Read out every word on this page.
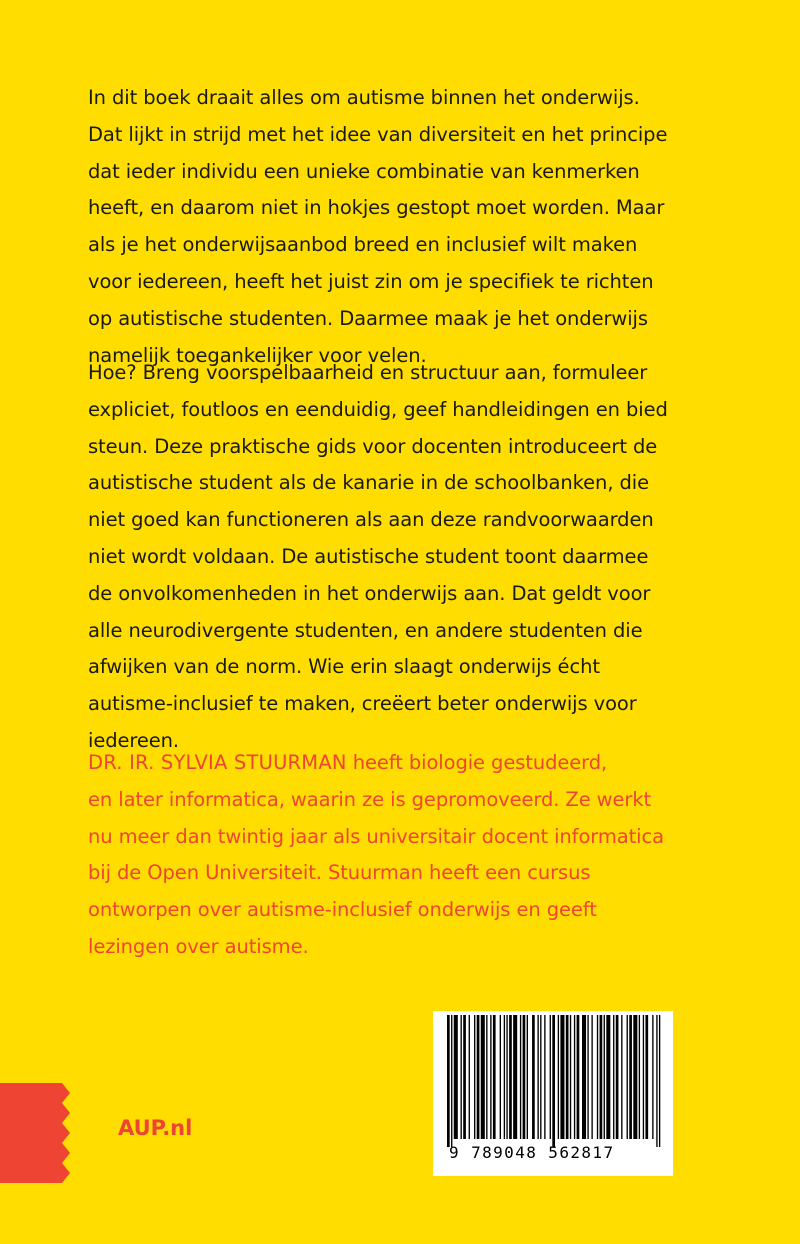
In dit boek draait alles om autisme binnen het onderwijs.
Dat lijkt in strijd met het idee van diversiteit en het principe
dat ieder individu een unieke combinatie van kenmerken
heeft, en daarom niet in hokjes gestopt moet worden. Maar
als je het onderwijsaanbod breed en inclusief wilt maken
voor iedereen, heeft het juist zin om je specifiek te richten
op autistische studenten. Daarmee maak je het onderwijs
namelijk toegankelijker voor velen.
Hoe? Breng voorspelbaarheid en structuur aan, formuleer
expliciet, foutloos en eenduidig, geef handleidingen en bied
steun. Deze praktische gids voor docenten introduceert de
autistische student als de kanarie in de schoolbanken, die
niet goed kan functioneren als aan deze randvoorwaarden
niet wordt voldaan. De autistische student toont daarmee
de onvolkomenheden in het onderwijs aan. Dat geldt voor
alle neurodivergente studenten, en andere studenten die
afwijken van de norm. Wie erin slaagt onderwijs écht
autisme-inclusief te maken, creëert beter onderwijs voor
iedereen.
DR. IR. SYLVIA STUURMAN heeft biologie gestudeerd,
en later informatica, waarin ze is gepromoveerd. Ze werkt
nu meer dan twintig jaar als universitair docent informatica
bij de Open Universiteit. Stuurman heeft een cursus
ontworpen over autisme-inclusief onderwijs en geeft
lezingen over autisme.
AUP.nl
9 789048 562817
